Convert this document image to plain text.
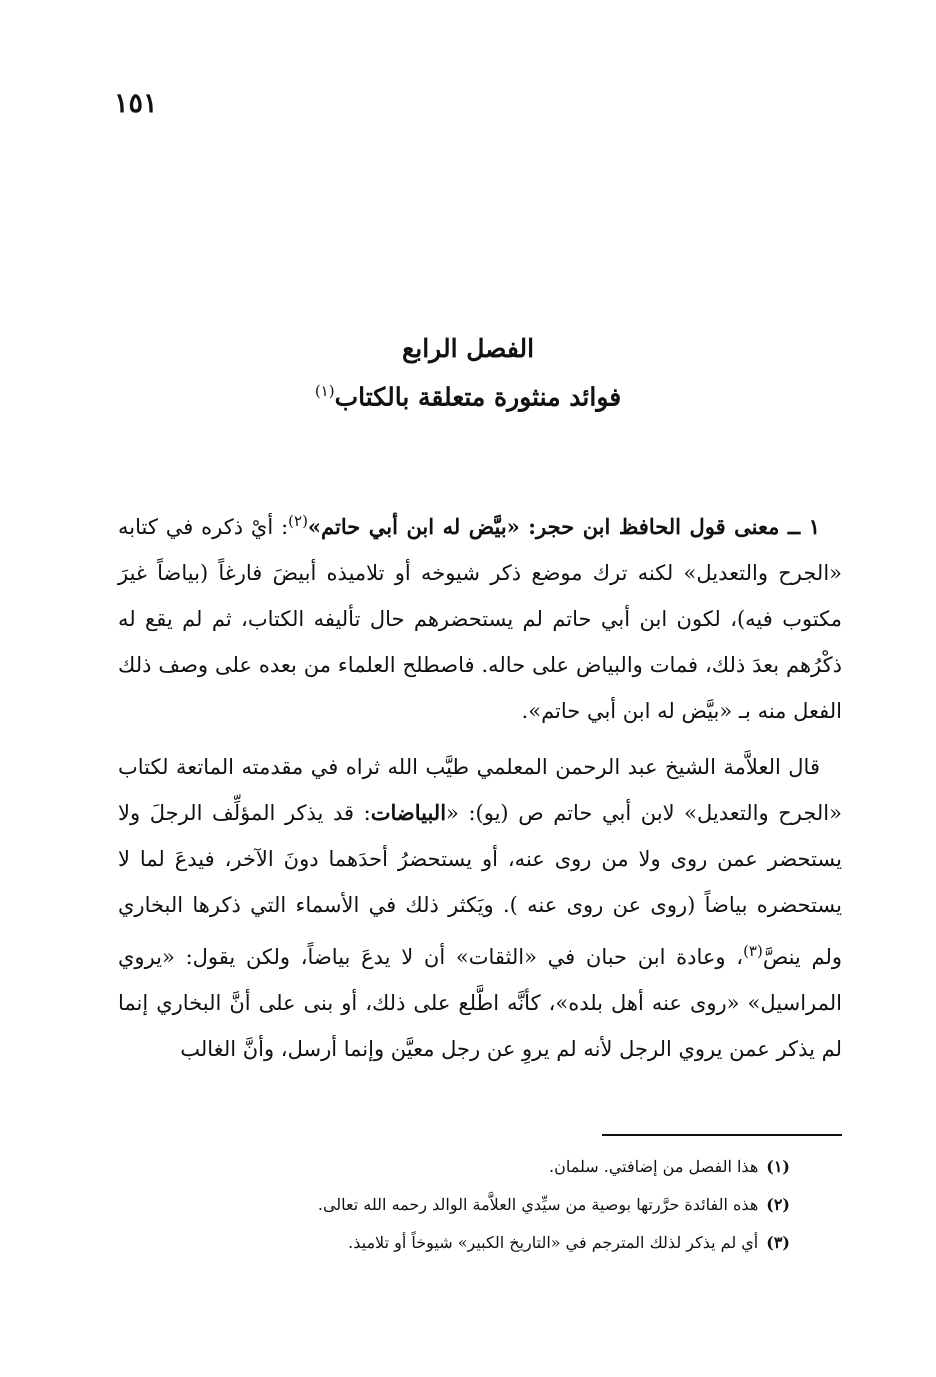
١٥١
الفصل الرابع
فوائد منثورة متعلقة بالكتاب$^{(١)}$

١ ــ معنى قول الحافظ ابن حجر: «بيَّض له ابن أبي حاتم»$^{(٢)}$: أيْ ذكره في كتابه «الجرح والتعديل» لكنه ترك موضع ذكر شيوخه أو تلاميذه أبيضَ فارغاً (بياضاً غيرَ مكتوب فيه)، لكون ابن أبي حاتم لم يستحضرهم حال تأليفه الكتاب، ثم لم يقع له ذكْرُهم بعدَ ذلك، فمات والبياض على حاله. فاصطلح العلماء من بعده على وصف ذلك الفعل منه بـ «بيَّض له ابن أبي حاتم».

قال العلاَّمة الشيخ عبد الرحمن المعلمي طيَّب الله ثراه في مقدمته الماتعة لكتاب «الجرح والتعديل» لابن أبي حاتم ص (يو): «البياضات: قد يذكر المؤلِّف الرجلَ ولا يستحضر عمن روى ولا من روى عنه، أو يستحضرُ أحدَهما دونَ الآخر، فيدعَ لما لا يستحضره بياضاً (روى عن روى عنه ). ويَكثر ذلك في الأسماء التي ذكرها البخاري ولم ينصَّ$^{(٣)}$، وعادة ابن حبان في «الثقات» أن لا يدعَ بياضاً، ولكن يقول: «يروي المراسيل» «روى عنه أهل بلده»، كأنَّه اطَّلع على ذلك، أو بنى على أنَّ البخاري إنما لم يذكر عمن يروي الرجل لأنه لم يروِ عن رجل معيَّن وإنما أرسل، وأنَّ الغالب

(١)هذا الفصل من إضافتي. سلمان.

(٢)هذه الفائدة حرَّرتها بوصية من سيِّدي العلاَّمة الوالد رحمه الله تعالى.

(٣)أي لم يذكر لذلك المترجم في «التاريخ الكبير» شيوخاً أو تلاميذ.
